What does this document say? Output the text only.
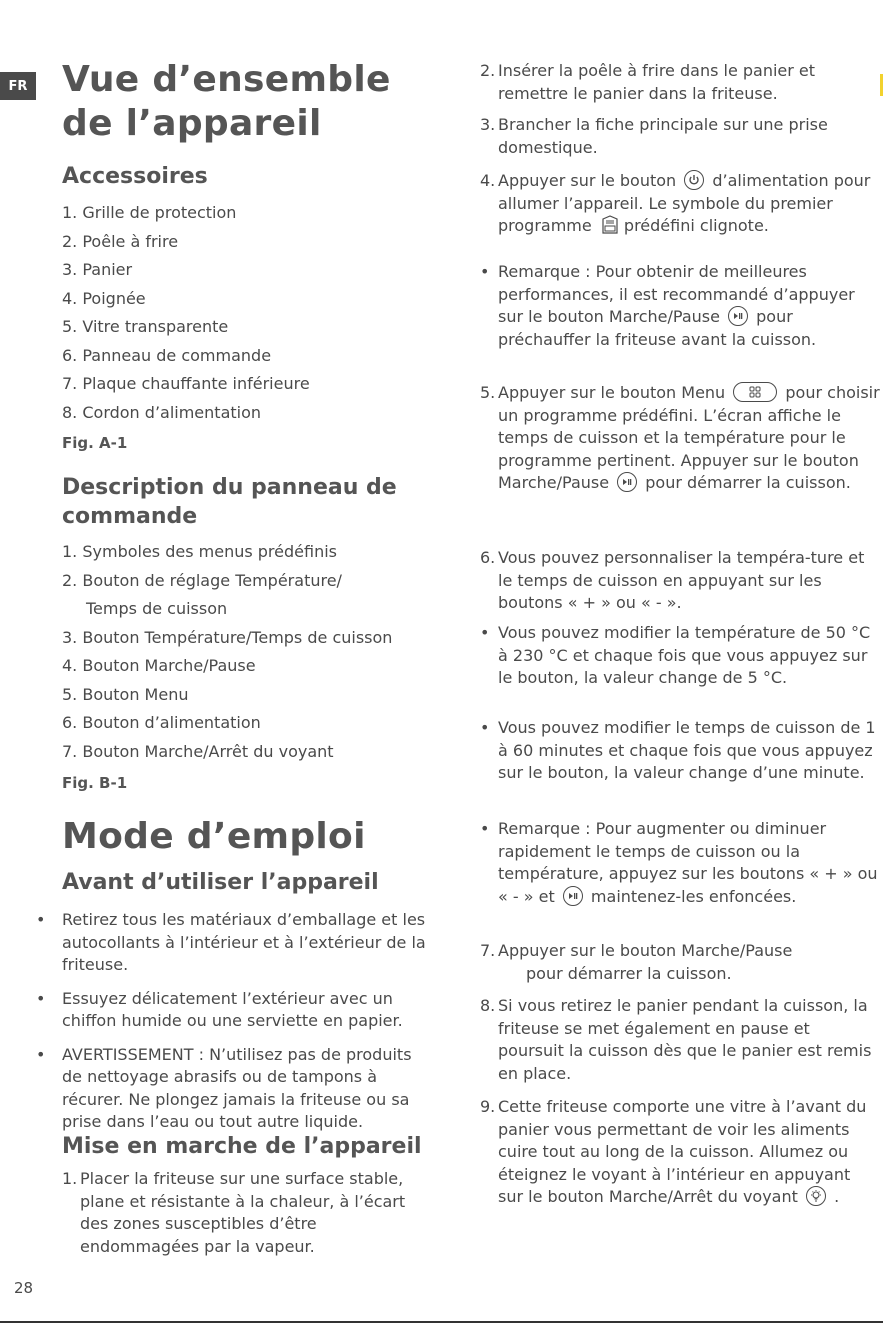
FR Vue d’ensemble
de l’appareil
Accessoires
1. Grille de protection
2. Poêle à frire
3. Panier
4. Poignée
5. Vitre transparente
6. Panneau de commande
7. Plaque chauffante inférieure
8. Cordon d’alimentation
Fig. A-1
Description du panneau de
commande
1. Symboles des menus prédéfinis
2. Bouton de réglage Température/
Temps de cuisson
3. Bouton Température/Temps de cuisson
4. Bouton Marche/Pause
5. Bouton Menu
6. Bouton d’alimentation
7. Bouton Marche/Arrêt du voyant
Fig. B-1
Mode d’emploi
Avant d’utiliser l’appareil
• Retirez tous les matériaux d’emballage et les autocollants à l’intérieur et à l’extérieur de la friteuse.
• Essuyez délicatement l’extérieur avec un chiffon humide ou une serviette en papier.
• AVERTISSEMENT : N’utilisez pas de produits de nettoyage abrasifs ou de tampons à récurer. Ne plongez jamais la friteuse ou sa prise dans l’eau ou tout autre liquide.
Mise en marche de l’appareil
1. Placer la friteuse sur une surface stable, plane et résistante à la chaleur, à l’écart des zones susceptibles d’être endommagées par la vapeur.
2. Insérer la poêle à frire dans le panier et remettre le panier dans la friteuse.
3. Brancher la fiche principale sur une prise domestique.
4. Appuyer sur le bouton d’alimentation pour allumer l’appareil. Le symbole du premier programme prédéfini clignote.
• Remarque : Pour obtenir de meilleures performances, il est recommandé d’appuyer sur le bouton Marche/Pause pour préchauffer la friteuse avant la cuisson.
5. Appuyer sur le bouton Menu	pour choisir un programme prédéfini. L’écran affiche le temps de cuisson et la température pour le programme pertinent. Appuyer sur le bouton Marche/Pause pour démarrer la cuisson.
6. Vous pouvez personnaliser la tempéra-ture et le temps de cuisson en appuyant sur les boutons « + » ou « - ».
• Vous pouvez modifier la température de 50 °C à 230 °C et chaque fois que vous appuyez sur le bouton, la valeur change de 5 °C.
• Vous pouvez modifier le temps de cuisson de 1 à 60 minutes et chaque fois que vous appuyez sur le bouton, la valeur change d’une minute.
• Remarque : Pour augmenter ou diminuer rapidement le temps de cuisson ou la température, appuyez sur les boutons « + » ou « - » et maintenez-les enfoncées.
7. Appuyer sur le bouton Marche/Pause
pour démarrer la cuisson.
8. Si vous retirez le panier pendant la cuisson, la friteuse se met également en pause et poursuit la cuisson dès que le panier est remis en place.
9. Cette friteuse comporte une vitre à l’avant du panier vous permettant de voir les aliments cuire tout au long de la cuisson. Allumez ou éteignez le voyant à l’intérieur en appuyant sur le bouton Marche/Arrêt du voyant .
28
